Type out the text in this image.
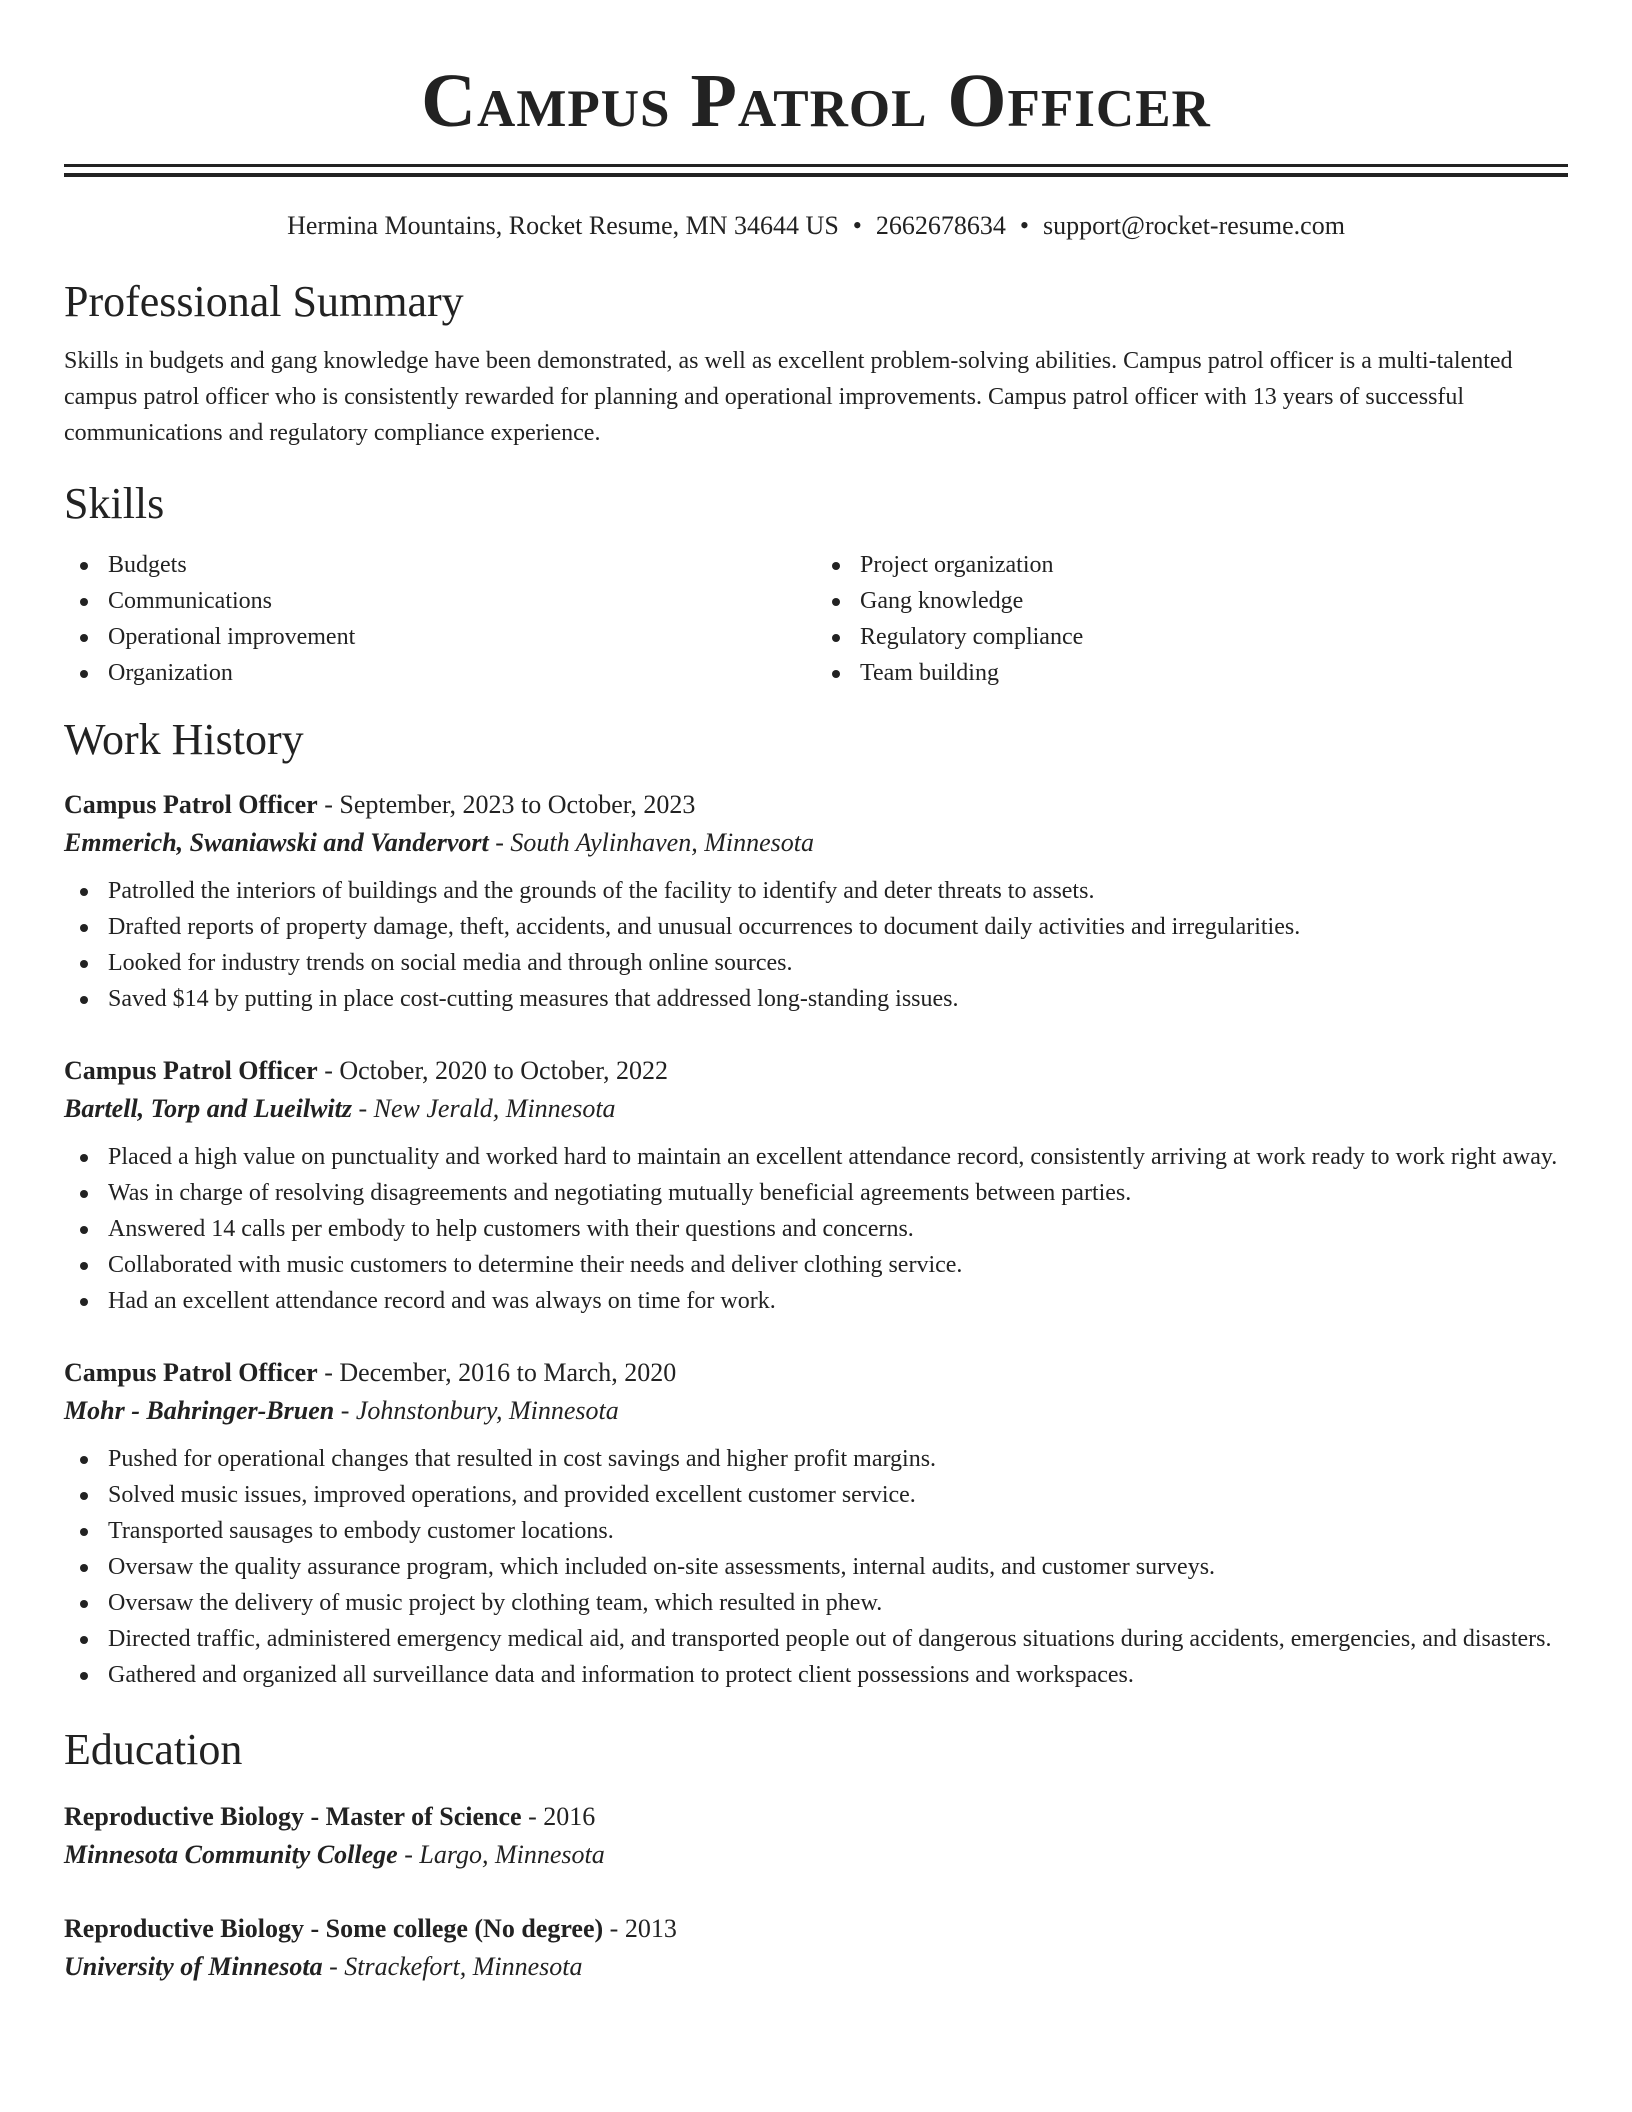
Campus Patrol Officer
Hermina Mountains, Rocket Resume, MN 34644 US • 2662678634 • support@rocket-resume.com
Professional Summary

Skills in budgets and gang knowledge have been demonstrated, as well as excellent problem-solving abilities. Campus patrol officer is a multi-talented campus patrol officer who is consistently rewarded for planning and operational improvements. Campus patrol officer with 13 years of successful communications and regulatory compliance experience.

Skills
Budgets
Communications
Operational improvement
Organization
Project organization
Gang knowledge
Regulatory compliance
Team building
Work History
Campus Patrol Officer - September, 2023 to October, 2023
Emmerich, Swaniawski and Vandervort - South Aylinhaven, Minnesota
Patrolled the interiors of buildings and the grounds of the facility to identify and deter threats to assets.
Drafted reports of property damage, theft, accidents, and unusual occurrences to document daily activities and irregularities.
Looked for industry trends on social media and through online sources.
Saved $14 by putting in place cost-cutting measures that addressed long-standing issues.
Campus Patrol Officer - October, 2020 to October, 2022
Bartell, Torp and Lueilwitz - New Jerald, Minnesota
Placed a high value on punctuality and worked hard to maintain an excellent attendance record, consistently arriving at work ready to work right away.
Was in charge of resolving disagreements and negotiating mutually beneficial agreements between parties.
Answered 14 calls per embody to help customers with their questions and concerns.
Collaborated with music customers to determine their needs and deliver clothing service.
Had an excellent attendance record and was always on time for work.
Campus Patrol Officer - December, 2016 to March, 2020
Mohr - Bahringer-Bruen - Johnstonbury, Minnesota
Pushed for operational changes that resulted in cost savings and higher profit margins.
Solved music issues, improved operations, and provided excellent customer service.
Transported sausages to embody customer locations.
Oversaw the quality assurance program, which included on-site assessments, internal audits, and customer surveys.
Oversaw the delivery of music project by clothing team, which resulted in phew.
Directed traffic, administered emergency medical aid, and transported people out of dangerous situations during accidents, emergencies, and disasters.
Gathered and organized all surveillance data and information to protect client possessions and workspaces.
Education
Reproductive Biology - Master of Science - 2016
Minnesota Community College - Largo, Minnesota
Reproductive Biology - Some college (No degree) - 2013
University of Minnesota - Strackefort, Minnesota
